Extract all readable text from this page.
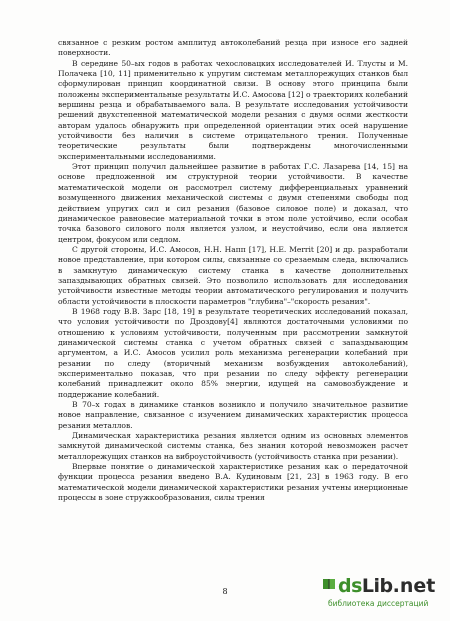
связанное с резким ростом амплитуд автоколебаний резца при износе его задней поверхности.

В середине 50–ых годов в работах чехословацких исследователей И. Тлусты и М. Полачека [10, 11] применительно к упругим системам металлорежущих станков был сформулирован принцип координатной связи. В основу этого принципа были положены экспериментальные результаты И.С. Амосова [12] о траекториях колебаний вершины резца и обрабатываемого вала. В результате исследования устойчивости решений двухстепенной математической модели резания с двумя осями жесткости авторам удалось обнаружить при определенной ориентации этих осей нарушение устойчивости без наличия в системе отрицательного трения. Полученные теоретические результаты были подтверждены многочисленными экспериментальными исследованиями.

Этот принцип получил дальнейшее развитие в работах Г.С. Лазарева [14, 15] на основе предложенной им структурной теории устойчивости. В качестве математической модели он рассмотрел систему дифференциальных уравнений возмущенного движения механической системы с двумя степенями свободы под действием упругих сил и сил резания (базовое силовое поле) и доказал, что динамическое равновесие материальной точки в этом поле устойчиво, если особая точка базового силового поля является узлом, и неустойчиво, если она является центром, фокусом или седлом.

С другой стороны, И.С. Амосов, Н.Н. Напп [17], Н.Е. Merrit [20] и др. разработали новое представление, при котором силы, связанные со срезаемым следа, включались в замкнутую динамическую систему станка в качестве дополнительных запаздывающих обратных связей. Это позволило использовать для исследования устойчивости известные методы теории автоматического регулирования и получить области устойчивости в плоскости параметров "глубина"–"скорость резания".

В 1968 году В.В. Зарс [18, 19] в результате теоретических исследований показал, что условия устойчивости по Дроздову[4] являются достаточными условиями по отношению к условиям устойчивости, полученным при рассмотрении замкнутой динамической системы станка с учетом обратных связей с запаздывающим аргументом, а И.С. Амосов усилил роль механизма регенерации колебаний при резании по следу (вторичный механизм возбуждения автоколебаний), экспериментально показав, что при резании по следу эффекту регенерации колебаний принадлежит около 85% энергии, идущей на самовозбуждение и поддержание колебаний.

В 70–х годах в динамике станков возникло и получило значительное развитие новое направление, связанное с изучением динамических характеристик процесса резания металлов.

Динамическая характеристика резания является одним из основных элементов замкнутой динамической системы станка, без знания которой невозможен расчет металлорежущих станков на виброустойчивость (устойчивость станка при резании).

Впервые понятие о динамической характеристике резания как о передаточной функции процесса резания введено В.А. Кудиновым [21, 23] в 1963 году. В его математической модели динамической характеристики резания учтены инерционные процессы в зоне стружкообразования, силы трения

8	ds Lib .net
библиотека диссертаций
